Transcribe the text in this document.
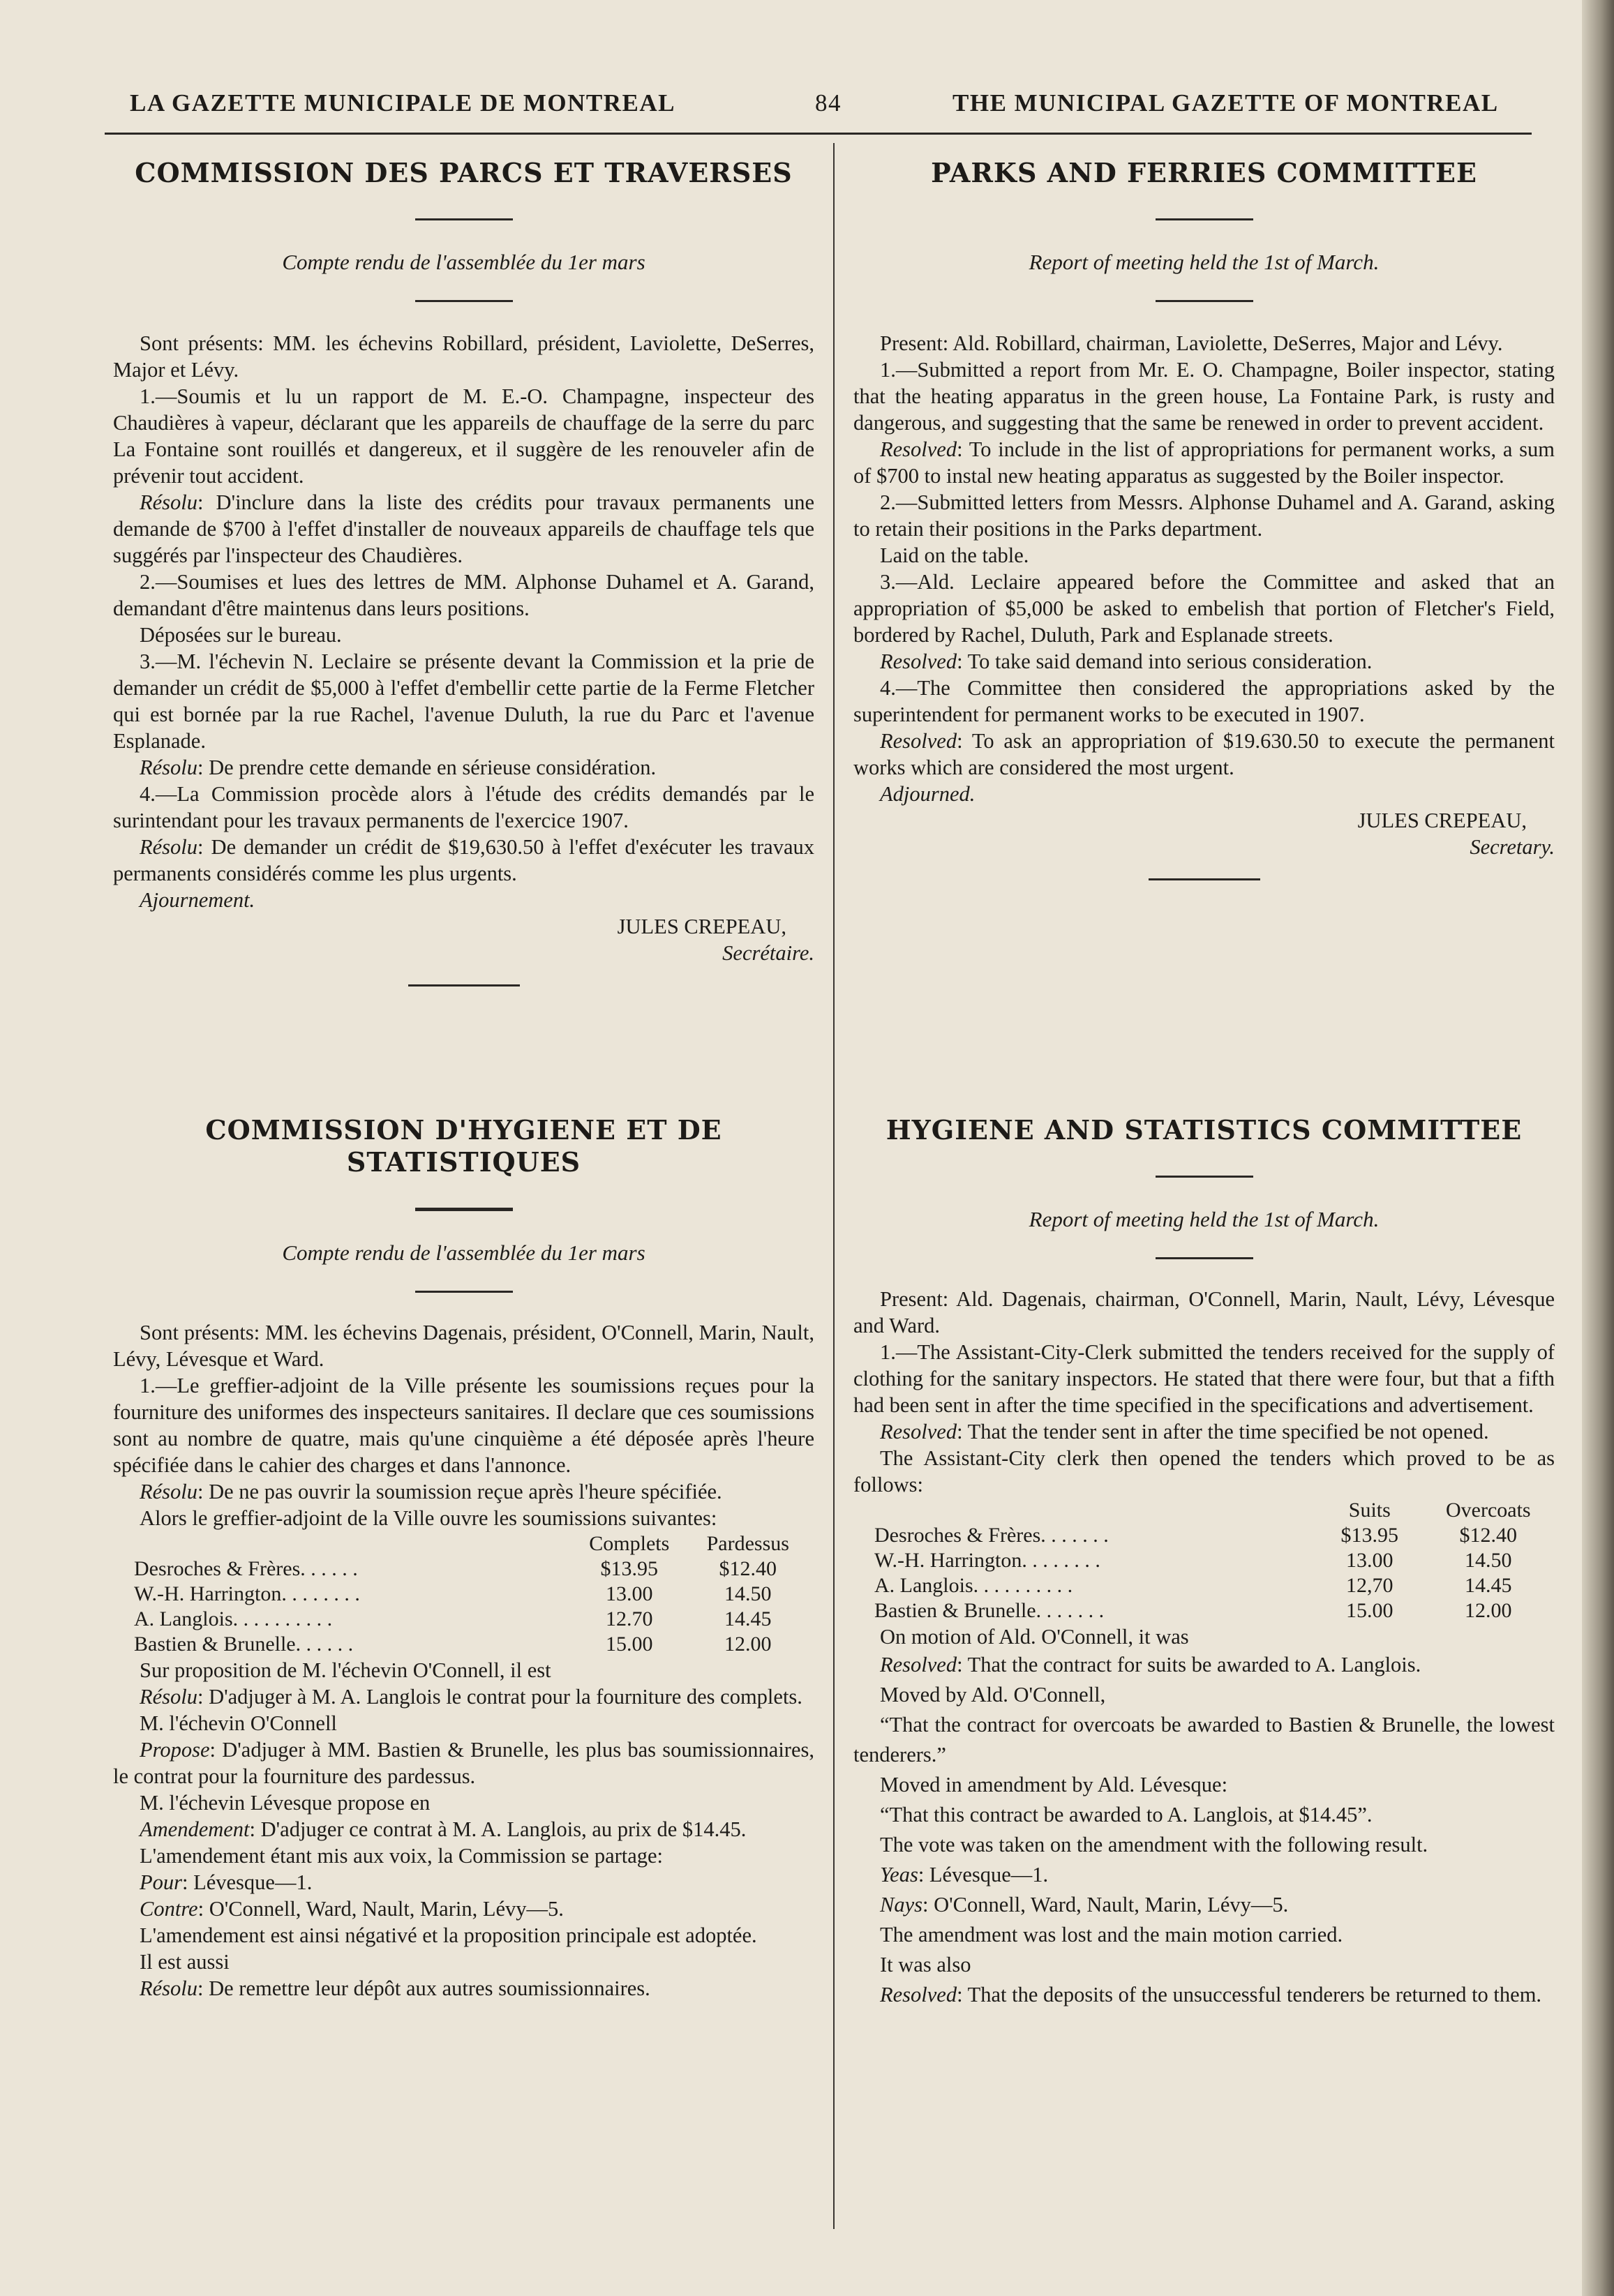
LA GAZETTE MUNICIPALE DE MONTREAL	84	THE MUNICIPAL GAZETTE OF MONTREAL
COMMISSION DES PARCS ET TRAVERSES

Compte rendu de l'assemblée du 1er mars

Sont présents: MM. les échevins Robillard, président, Laviolette, DeSerres, Major et Lévy.

1.—Soumis et lu un rapport de M. E.-O. Champagne, inspecteur des Chaudières à vapeur, déclarant que les appareils de chauffage de la serre du parc La Fontaine sont rouillés et dangereux, et il suggère de les renouveler afin de prévenir tout accident.

Résolu: D'inclure dans la liste des crédits pour travaux permanents une demande de $700 à l'effet d'installer de nouveaux appareils de chauffage tels que suggérés par l'inspecteur des Chaudières.

2.—Soumises et lues des lettres de MM. Alphonse Duhamel et A. Garand, demandant d'être maintenus dans leurs positions.

Déposées sur le bureau.

3.—M. l'échevin N. Leclaire se présente devant la Commission et la prie de demander un crédit de $5,000 à l'effet d'embellir cette partie de la Ferme Fletcher qui est bornée par la rue Rachel, l'avenue Duluth, la rue du Parc et l'avenue Esplanade.

Résolu: De prendre cette demande en sérieuse considération.

4.—La Commission procède alors à l'étude des crédits demandés par le surintendant pour les travaux permanents de l'exercice 1907.

Résolu: De demander un crédit de $19,630.50 à l'effet d'exécuter les travaux permanents considérés comme les plus urgents.

Ajournement.

JULES CREPEAU,

Secrétaire.

COMMISSION D'HYGIENE ET DE STATISTIQUES

Compte rendu de l'assemblée du 1er mars

Sont présents: MM. les échevins Dagenais, président, O'Connell, Marin, Nault, Lévy, Lévesque et Ward.

1.—Le greffier-adjoint de la Ville présente les soumissions reçues pour la fourniture des uniformes des inspecteurs sanitaires. Il declare que ces soumissions sont au nombre de quatre, mais qu'une cinquième a été déposée après l'heure spécifiée dans le cahier des charges et dans l'annonce.

Résolu: De ne pas ouvrir la soumission reçue après l'heure spécifiée.

Alors le greffier-adjoint de la Ville ouvre les soumissions suivantes:

	Complets	Pardessus
Desroches & Frères. . . . . .	$13.95	$12.40
W.-H. Harrington. . . . . . . .	13.00	14.50
A. Langlois. . . . . . . . . .	12.70	14.45
Bastien & Brunelle. . . . . .	15.00	12.00

Sur proposition de M. l'échevin O'Connell, il est

Résolu: D'adjuger à M. A. Langlois le contrat pour la fourniture des complets.

M. l'échevin O'Connell

Propose: D'adjuger à MM. Bastien & Brunelle, les plus bas soumissionnaires, le contrat pour la fourniture des pardessus.

M. l'échevin Lévesque propose en

Amendement: D'adjuger ce contrat à M. A. Langlois, au prix de $14.45.

L'amendement étant mis aux voix, la Commission se partage:

Pour: Lévesque—1.

Contre: O'Connell, Ward, Nault, Marin, Lévy—5.

L'amendement est ainsi négativé et la proposition principale est adoptée.

Il est aussi

Résolu: De remettre leur dépôt aux autres soumissionnaires.

PARKS AND FERRIES COMMITTEE

Report of meeting held the 1st of March.

Present: Ald. Robillard, chairman, Laviolette, DeSerres, Major and Lévy.

1.—Submitted a report from Mr. E. O. Champagne, Boiler inspector, stating that the heating apparatus in the green house, La Fontaine Park, is rusty and dangerous, and suggesting that the same be renewed in order to prevent accident.

Resolved: To include in the list of appropriations for permanent works, a sum of $700 to instal new heating apparatus as suggested by the Boiler inspector.

2.—Submitted letters from Messrs. Alphonse Duhamel and A. Garand, asking to retain their positions in the Parks department.

Laid on the table.

3.—Ald. Leclaire appeared before the Committee and asked that an appropriation of $5,000 be asked to embelish that portion of Fletcher's Field, bordered by Rachel, Duluth, Park and Esplanade streets.

Resolved: To take said demand into serious consideration.

4.—The Committee then considered the appropriations asked by the superintendent for permanent works to be executed in 1907.

Resolved: To ask an appropriation of $19.630.50 to execute the permanent works which are considered the most urgent.

Adjourned.

JULES CREPEAU,

Secretary.

HYGIENE AND STATISTICS COMMITTEE

Report of meeting held the 1st of March.

Present: Ald. Dagenais, chairman, O'Connell, Marin, Nault, Lévy, Lévesque and Ward.

1.—The Assistant-City-Clerk submitted the tenders received for the supply of clothing for the sanitary inspectors. He stated that there were four, but that a fifth had been sent in after the time specified in the specifications and advertisement.

Resolved: That the tender sent in after the time specified be not opened.

The Assistant-City clerk then opened the tenders which proved to be as follows:

	Suits	Overcoats
Desroches & Frères. . . . . . .	$13.95	$12.40
W.-H. Harrington. . . . . . . .	13.00	14.50
A. Langlois. . . . . . . . . .	12,70	14.45
Bastien & Brunelle. . . . . . .	15.00	12.00

On motion of Ald. O'Connell, it was

Resolved: That the contract for suits be awarded to A. Langlois.

Moved by Ald. O'Connell,

“That the contract for overcoats be awarded to Bastien & Brunelle, the lowest tenderers.”

Moved in amendment by Ald. Lévesque:

“That this contract be awarded to A. Langlois, at $14.45”.

The vote was taken on the amendment with the following result.

Yeas: Lévesque—1.

Nays: O'Connell, Ward, Nault, Marin, Lévy—5.

The amendment was lost and the main motion carried.

It was also

Resolved: That the deposits of the unsuccessful tenderers be returned to them.
